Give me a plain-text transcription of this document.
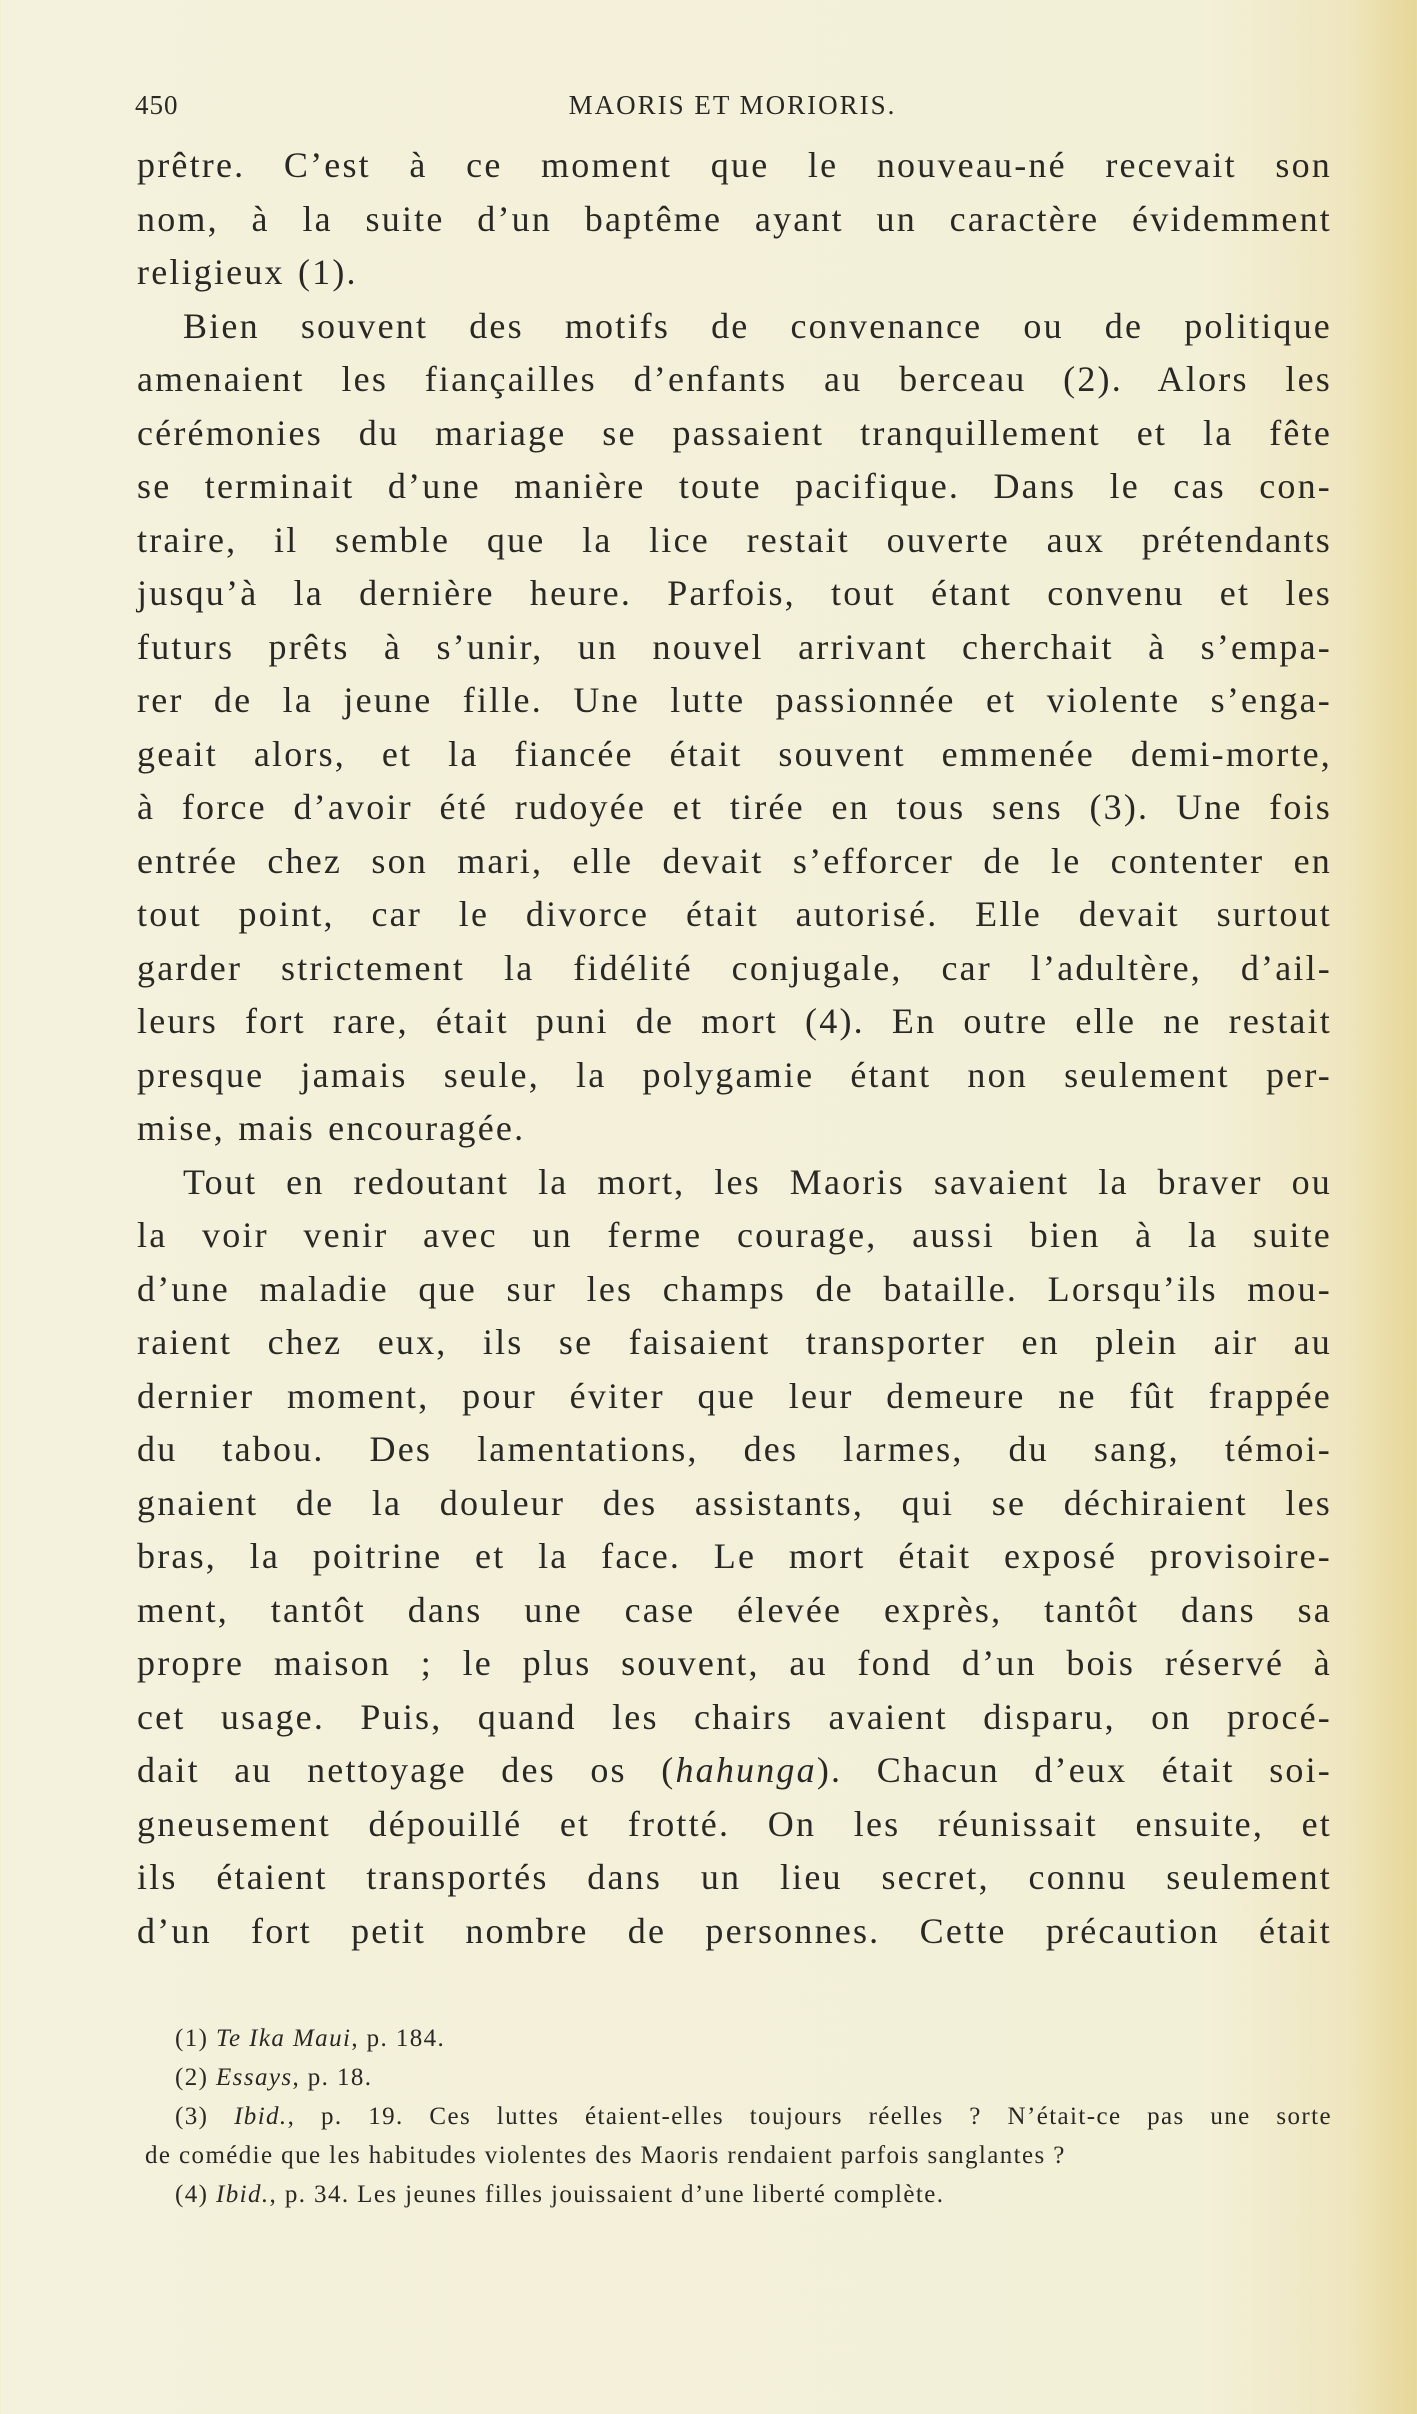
450	MAORIS ET MORIORIS.
prêtre. C’est à ce moment que le nouveau-né recevait son
nom, à la suite d’un baptême ayant un caractère évidemment
religieux (1).
Bien souvent des motifs de convenance ou de politique
amenaient les fiançailles d’enfants au berceau (2). Alors les
cérémonies du mariage se passaient tranquillement et la fête
se terminait d’une manière toute pacifique. Dans le cas con-
traire, il semble que la lice restait ouverte aux prétendants
jusqu’à la dernière heure. Parfois, tout étant convenu et les
futurs prêts à s’unir, un nouvel arrivant cherchait à s’empa-
rer de la jeune fille. Une lutte passionnée et violente s’enga-
geait alors, et la fiancée était souvent emmenée demi-morte,
à force d’avoir été rudoyée et tirée en tous sens (3). Une fois
entrée chez son mari, elle devait s’efforcer de le contenter en
tout point, car le divorce était autorisé. Elle devait surtout
garder strictement la fidélité conjugale, car l’adultère, d’ail-
leurs fort rare, était puni de mort (4). En outre elle ne restait
presque jamais seule, la polygamie étant non seulement per-
mise, mais encouragée.
Tout en redoutant la mort, les Maoris savaient la braver ou
la voir venir avec un ferme courage, aussi bien à la suite
d’une maladie que sur les champs de bataille. Lorsqu’ils mou-
raient chez eux, ils se faisaient transporter en plein air au
dernier moment, pour éviter que leur demeure ne fût frappée
du tabou. Des lamentations, des larmes, du sang, témoi-
gnaient de la douleur des assistants, qui se déchiraient les
bras, la poitrine et la face. Le mort était exposé provisoire-
ment, tantôt dans une case élevée exprès, tantôt dans sa
propre maison ; le plus souvent, au fond d’un bois réservé à
cet usage. Puis, quand les chairs avaient disparu, on procé-
dait au nettoyage des os (hahunga). Chacun d’eux était soi-
gneusement dépouillé et frotté. On les réunissait ensuite, et
ils étaient transportés dans un lieu secret, connu seulement
d’un fort petit nombre de personnes. Cette précaution était
(1) Te Ika Maui, p. 184.
(2) Essays, p. 18.
(3) Ibid., p. 19. Ces luttes étaient-elles toujours réelles ? N’était-ce pas une sorte
de comédie que les habitudes violentes des Maoris rendaient parfois sanglantes ?
(4) Ibid., p. 34. Les jeunes filles jouissaient d’une liberté complète.
